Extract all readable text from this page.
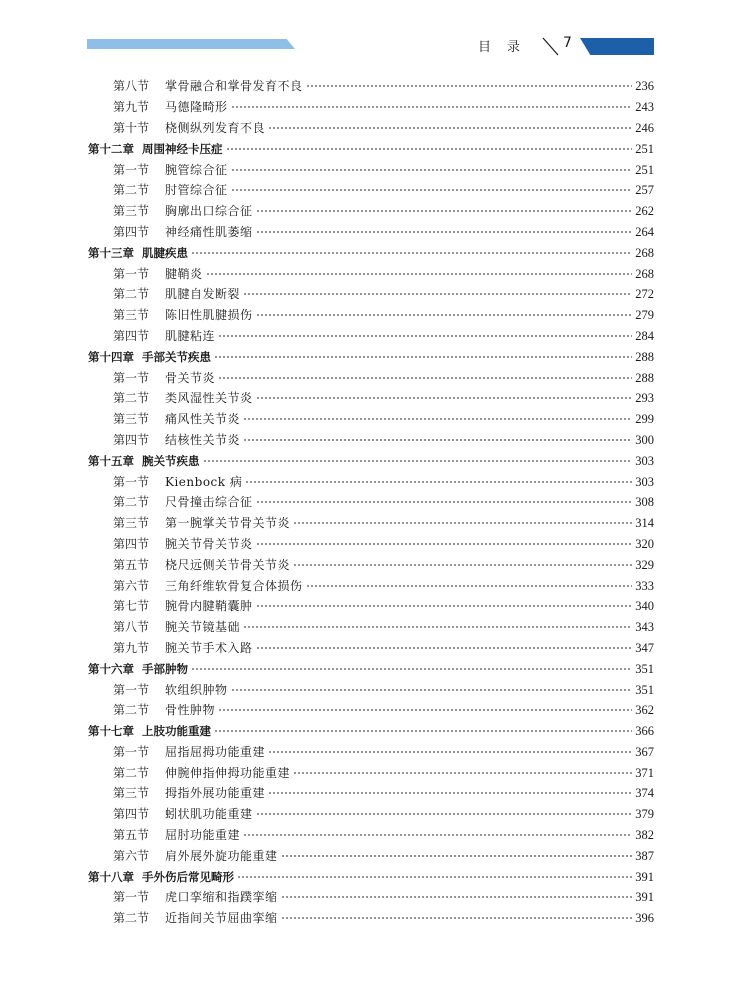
目 录	7
第八节	掌骨融合和掌骨发育不良	236
第九节	马德隆畸形	243
第十节	桡侧纵列发育不良	246
第十二章 周围神经卡压症	251
第一节	腕管综合征	251
第二节	肘管综合征	257
第三节	胸廓出口综合征	262
第四节	神经痛性肌萎缩	264
第十三章 肌腱疾患	268
第一节	腱鞘炎	268
第二节	肌腱自发断裂	272
第三节	陈旧性肌腱损伤	279
第四节	肌腱粘连	284
第十四章 手部关节疾患	288
第一节	骨关节炎	288
第二节	类风湿性关节炎	293
第三节	痛风性关节炎	299
第四节	结核性关节炎	300
第十五章 腕关节疾患	303
第一节	Kienbock 病	303
第二节	尺骨撞击综合征	308
第三节	第一腕掌关节骨关节炎	314
第四节	腕关节骨关节炎	320
第五节	桡尺远侧关节骨关节炎	329
第六节	三角纤维软骨复合体损伤	333
第七节	腕骨内腱鞘囊肿	340
第八节	腕关节镜基础	343
第九节	腕关节手术入路	347
第十六章 手部肿物	351
第一节	软组织肿物	351
第二节	骨性肿物	362
第十七章 上肢功能重建	366
第一节	屈指屈拇功能重建	367
第二节	伸腕伸指伸拇功能重建	371
第三节	拇指外展功能重建	374
第四节	蚓状肌功能重建	379
第五节	屈肘功能重建	382
第六节	肩外展外旋功能重建	387
第十八章 手外伤后常见畸形	391
第一节	虎口挛缩和指蹼挛缩	391
第二节	近指间关节屈曲挛缩	396
